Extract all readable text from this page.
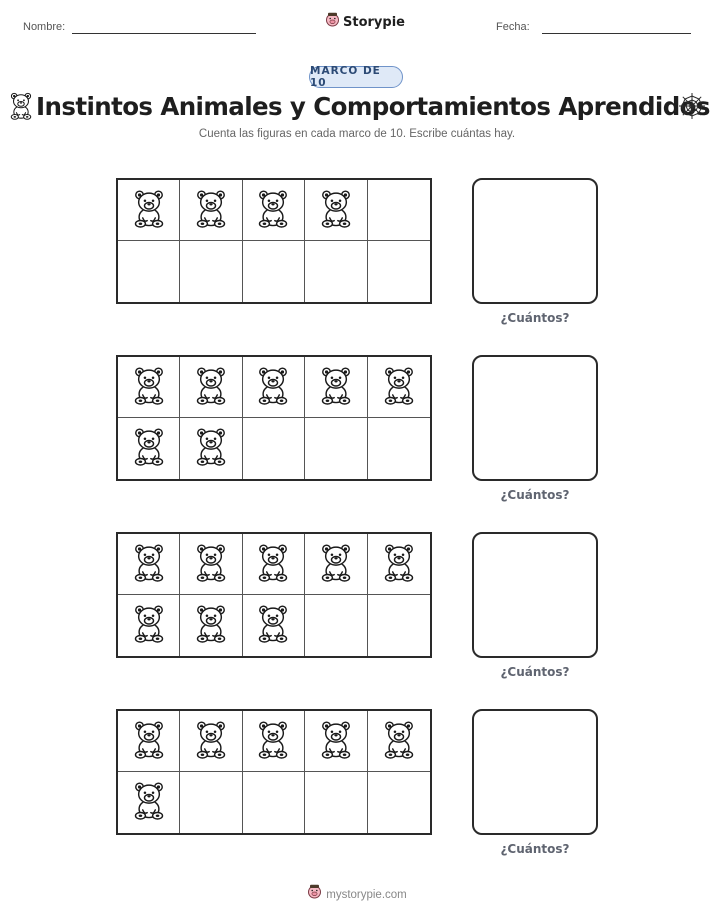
Nombre:	Storypie	Fecha:
MARCO DE 10
Instintos Animales y Comportamientos Aprendidos
Cuenta las figuras en cada marco de 10. Escribe cuántas hay.
¿Cuántos?
¿Cuántos?
¿Cuántos?
¿Cuántos?
mystorypie.com
